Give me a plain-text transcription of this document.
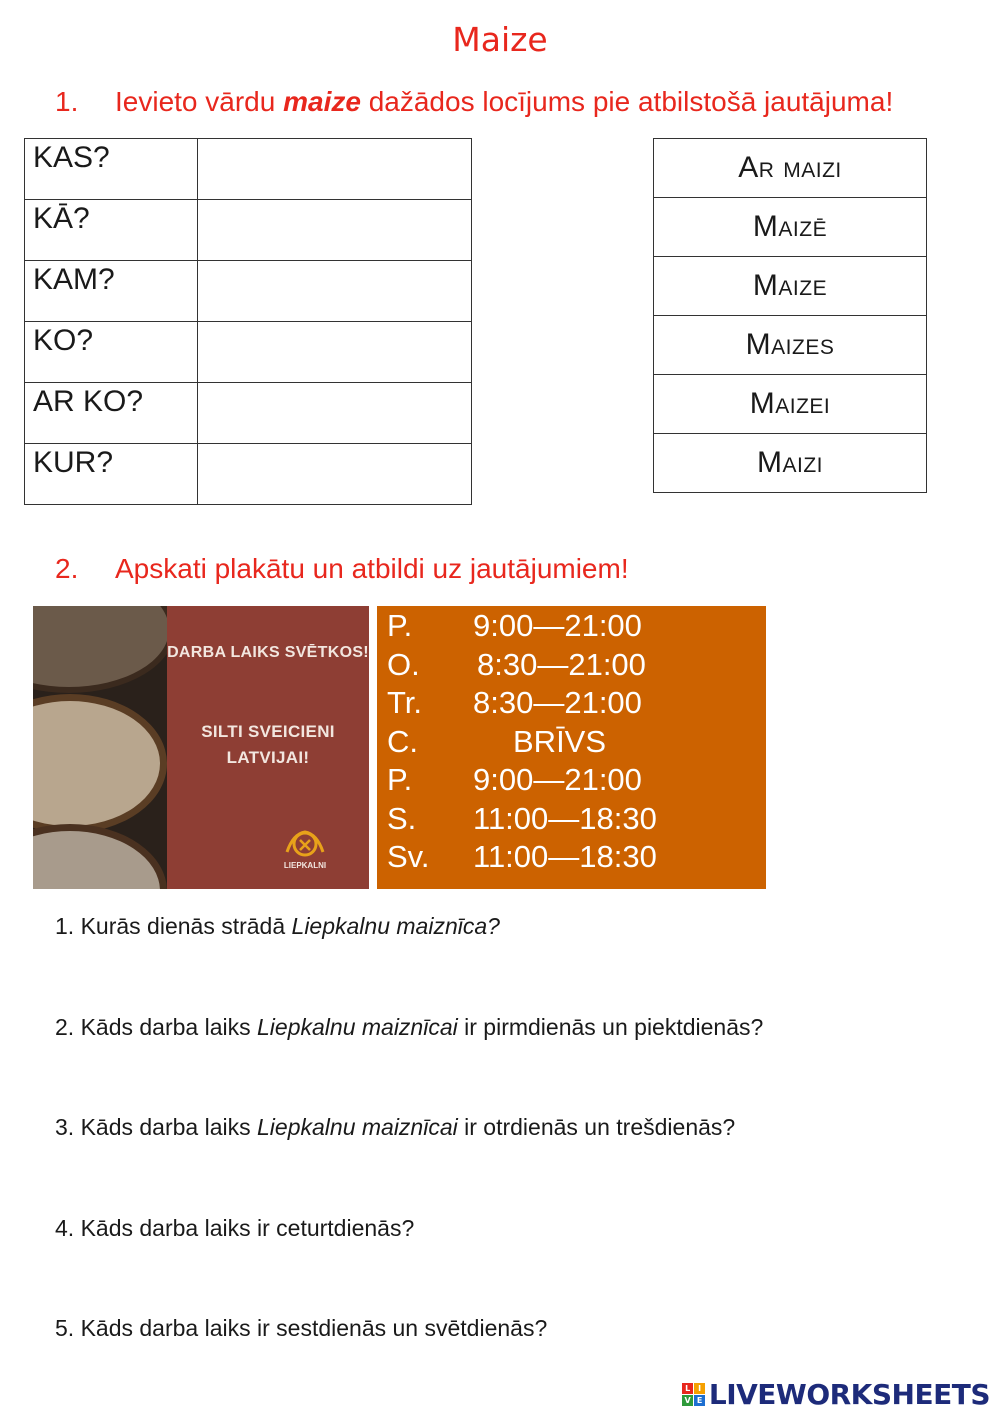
Maize
1. Ievieto vārdu maize dažādos locījums pie atbilstošā jautājuma!
KAS?	
KĀ?	
KAM?	
KO?	
AR KO?	
KUR?	
Ar maizi
Maizē
Maize
Maizes
Maizei
Maizi
2. Apskati plakātu un atbildi uz jautājumiem!
DARBA LAIKS SVĒTKOS!
SILTI SVEICIENI
LATVIJAI!
LIEPKALNI
P. 9:00—21:00
O. 8:30—21:00
Tr. 8:30—21:00
C.	BRĪVS
P. 9:00—21:00
S. 11:00—18:30
Sv. 11:00—18:30
1. Kurās dienās strādā Liepkalnu maiznīca?
2. Kāds darba laiks Liepkalnu maiznīcai ir pirmdienās un piektdienās?
3. Kāds darba laiks Liepkalnu maiznīcai ir otrdienās un trešdienās?
4. Kāds darba laiks ir ceturtdienās?
5. Kāds darba laiks ir sestdienās un svētdienās?
L	I
V E LIVEWORKSHEETS
